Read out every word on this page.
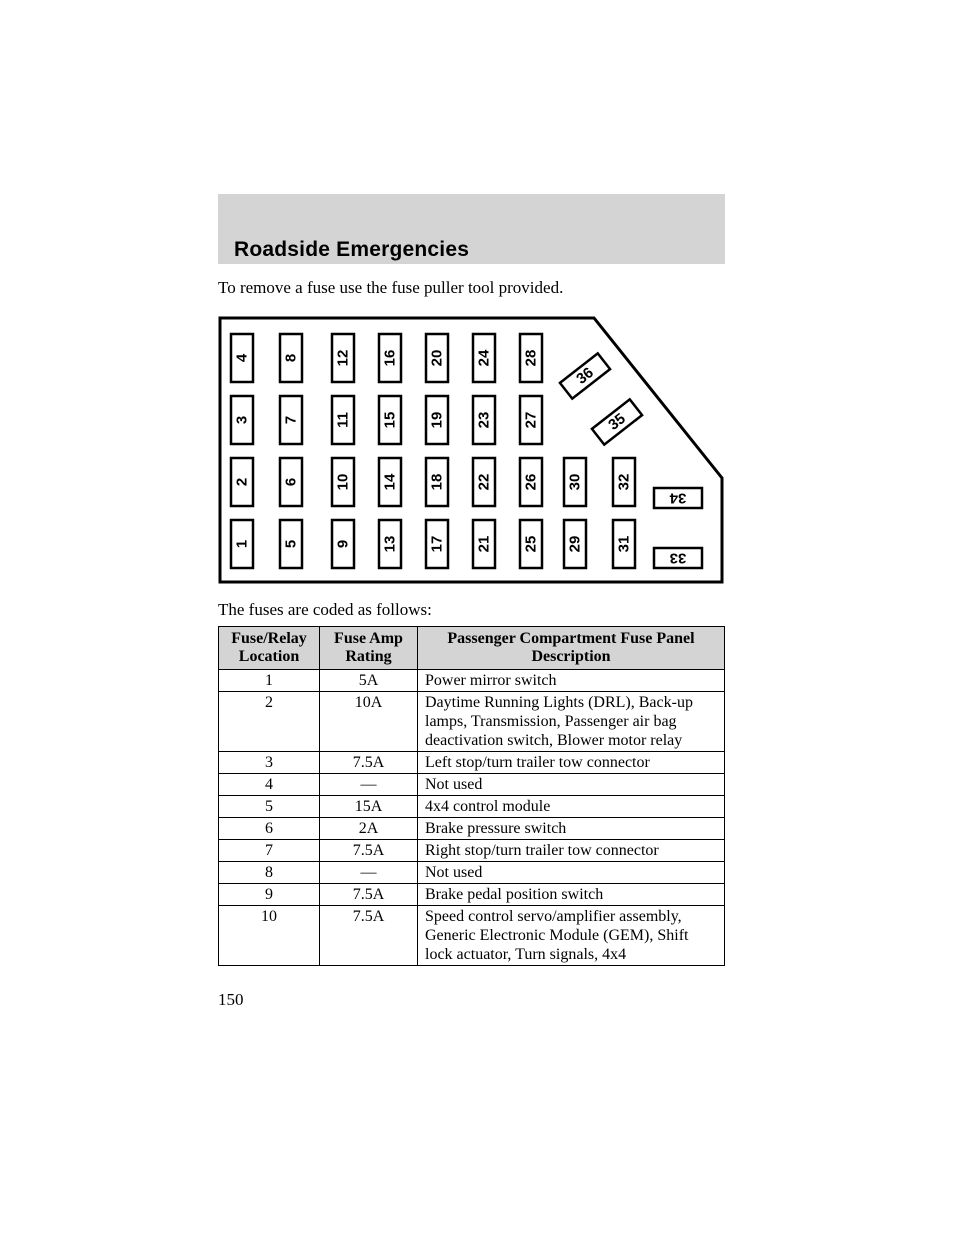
Roadside Emergencies
To remove a fuse use the fuse puller tool provided.
4
3
2
1
8
7
6
5
12
11
10
9
16
15
14
13
20
19
18
17
24
23
22
21
28
27
26
25
30
29
32
31
36
35
34
33
The fuses are coded as follows:
Fuse/Relay Location	Fuse Amp Rating	Passenger Compartment Fuse Panel Description
1	5A	Power mirror switch
2	10A	Daytime Running Lights (DRL), Back-up lamps, Transmission, Passenger air bag deactivation switch, Blower motor relay
3	7.5A	Left stop/turn trailer tow connector
4	—	Not used
5	15A	4x4 control module
6	2A	Brake pressure switch
7	7.5A	Right stop/turn trailer tow connector
8	—	Not used
9	7.5A	Brake pedal position switch
10	7.5A	Speed control servo/amplifier assembly, Generic Electronic Module (GEM), Shift lock actuator, Turn signals, 4x4
150
